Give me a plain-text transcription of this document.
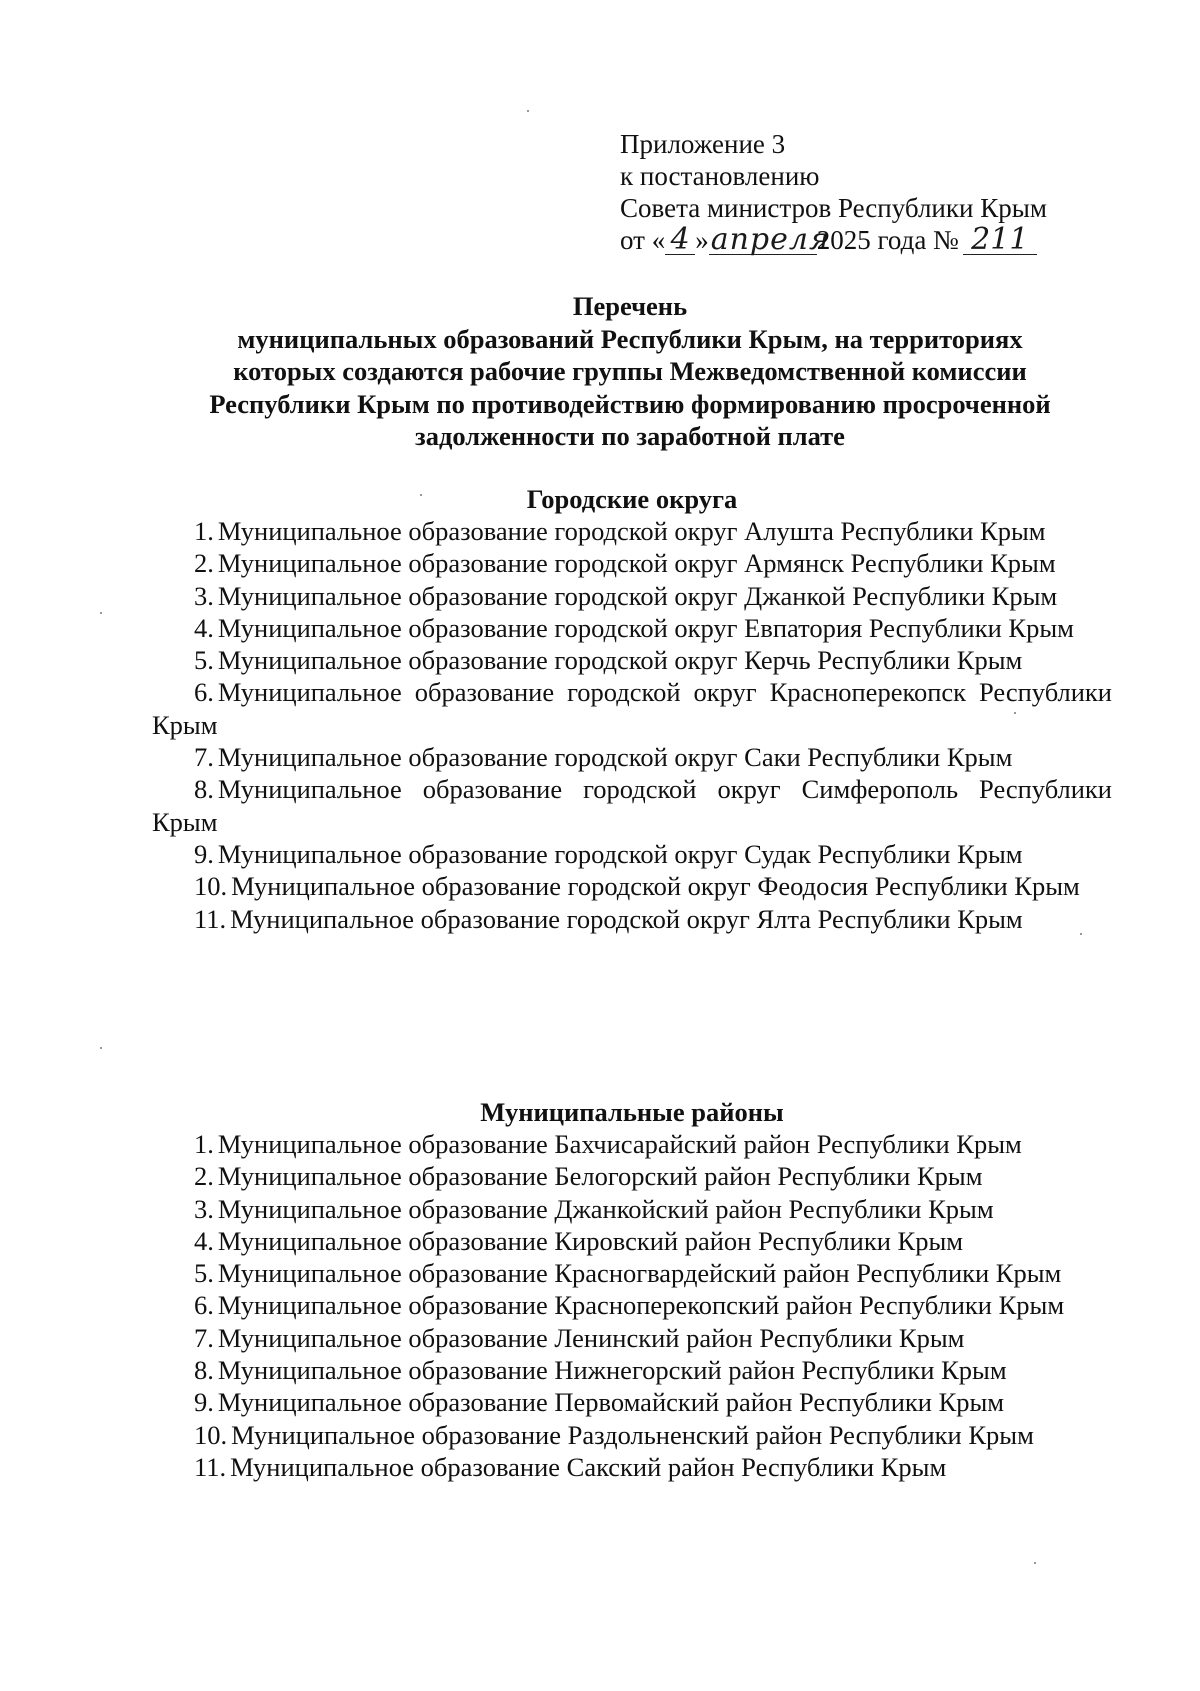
Приложение 3
к постановлению
Совета министров Республики Крым
от « 4 »апреля2025 года № 211
Перечень
муниципальных образований Республики Крым, на территориях которых создаются рабочие группы Межведомственной комиссии Республики Крым по противодействию формированию просроченной задолженности по заработной плате
Городские округа
1. Муниципальное образование городской округ Алушта Республики Крым
2. Муниципальное образование городской округ Армянск Республики Крым
3. Муниципальное образование городской округ Джанкой Республики Крым
4. Муниципальное образование городской округ Евпатория Республики Крым
5. Муниципальное образование городской округ Керчь Республики Крым
6. Муниципальное образование городской округ Красноперекопск Республики Крым
7. Муниципальное образование городской округ Саки Республики Крым
8. Муниципальное образование городской округ Симферополь Республики Крым
9. Муниципальное образование городской округ Судак Республики Крым
10. Муниципальное образование городской округ Феодосия Республики Крым
11. Муниципальное образование городской округ Ялта Республики Крым
Муниципальные районы
1. Муниципальное образование Бахчисарайский район Республики Крым
2. Муниципальное образование Белогорский район Республики Крым
3. Муниципальное образование Джанкойский район Республики Крым
4. Муниципальное образование Кировский район Республики Крым
5. Муниципальное образование Красногвардейский район Республики Крым
6. Муниципальное образование Красноперекопский район Республики Крым
7. Муниципальное образование Ленинский район Республики Крым
8. Муниципальное образование Нижнегорский район Республики Крым
9. Муниципальное образование Первомайский район Республики Крым
10. Муниципальное образование Раздольненский район Республики Крым
11. Муниципальное образование Сакский район Республики Крым
